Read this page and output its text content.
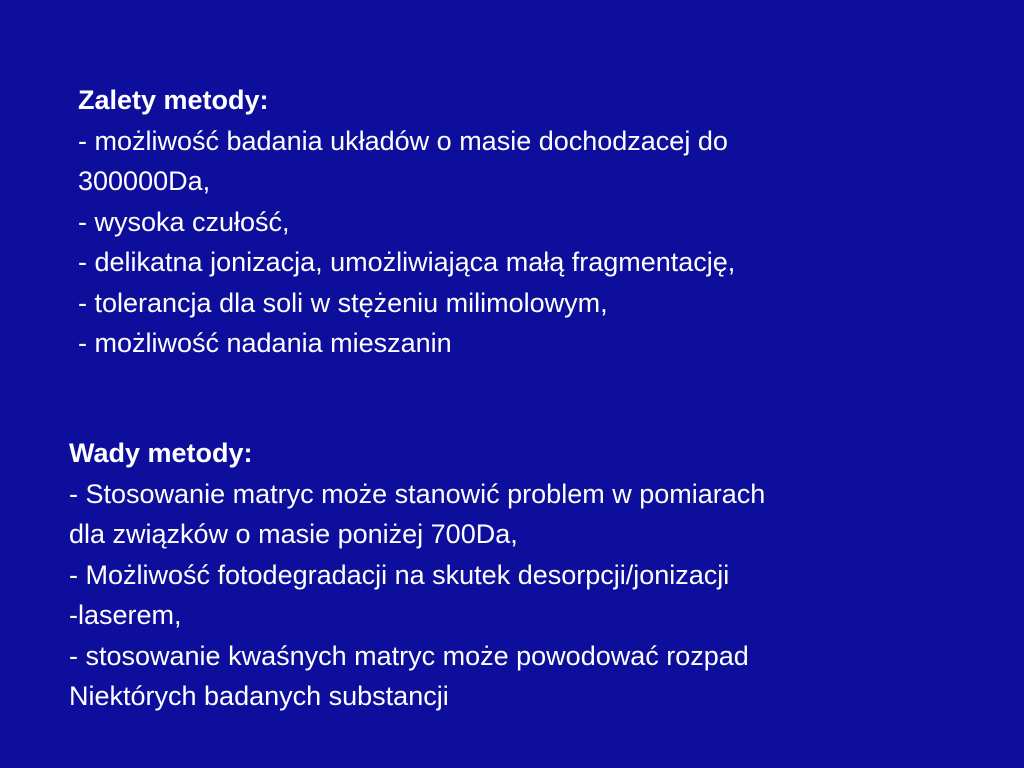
Zalety metody:

- możliwość badania układów o masie dochodzacej do

300000Da,

- wysoka czułość,

- delikatna jonizacja, umożliwiająca małą fragmentację,

- tolerancja dla soli w stężeniu milimolowym,

- możliwość nadania mieszanin

Wady metody:

- Stosowanie matryc może stanowić problem w pomiarach

dla związków o masie poniżej 700Da,

- Możliwość fotodegradacji na skutek desorpcji/jonizacji

-laserem,

- stosowanie kwaśnych matryc może powodować rozpad

Niektórych badanych substancji
